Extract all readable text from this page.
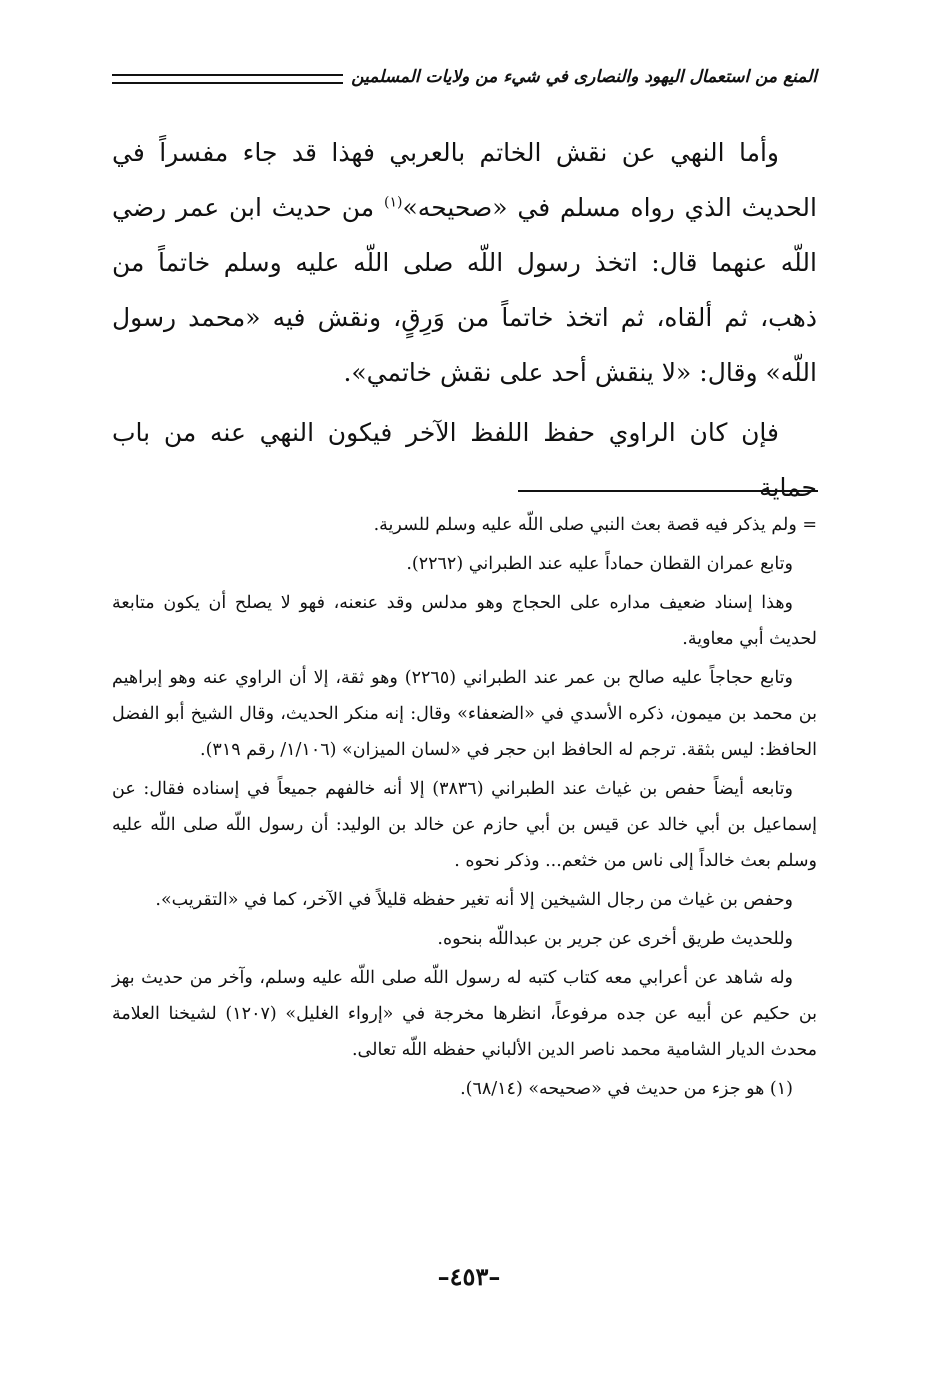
المنع من استعمال اليهود والنصارى في شيء من ولايات المسلمين

وأما النهي عن نقش الخاتم بالعربي فهذا قد جاء مفسراً في الحديث الذي رواه مسلم في «صحيحه»$^{(١)}$ من حديث ابن عمر رضي اللّه عنهما قال: اتخذ رسول اللّه صلى اللّه عليه وسلم خاتماً من ذهب، ثم ألقاه، ثم اتخذ خاتماً من وَرِقٍ، ونقش فيه «محمد رسول اللّه» وقال: «لا ينقش أحد على نقش خاتمي».

فإن كان الراوي حفظ اللفظ الآخر فيكون النهي عنه من باب حماية

= ولم يذكر فيه قصة بعث النبي صلى اللّه عليه وسلم للسرية.

وتابع عمران القطان حماداً عليه عند الطبراني (٢٢٦٢).

وهذا إسناد ضعيف مداره على الحجاج وهو مدلس وقد عنعنه، فهو لا يصلح أن يكون متابعة لحديث أبي معاوية.

وتابع حجاجاً عليه صالح بن عمر عند الطبراني (٢٢٦٥) وهو ثقة، إلا أن الراوي عنه وهو إبراهيم بن محمد بن ميمون، ذكره الأسدي في «الضعفاء» وقال: إنه منكر الحديث، وقال الشيخ أبو الفضل الحافظ: ليس بثقة. ترجم له الحافظ ابن حجر في «لسان الميزان» (١/١٠٦/ رقم ٣١٩).

وتابعه أيضاً حفص بن غياث عند الطبراني (٣٨٣٦) إلا أنه خالفهم جميعاً في إسناده فقال: عن إسماعيل بن أبي خالد عن قيس بن أبي حازم عن خالد بن الوليد: أن رسول اللّه صلى اللّه عليه وسلم بعث خالداً إلى ناس من خثعم... وذكر نحوه .

وحفص بن غياث من رجال الشيخين إلا أنه تغير حفظه قليلاً في الآخر، كما في «التقريب».

وللحديث طريق أخرى عن جرير بن عبداللّه بنحوه.

وله شاهد عن أعرابي معه كتاب كتبه له رسول اللّه صلى اللّه عليه وسلم، وآخر من حديث بهز بن حكيم عن أبيه عن جده مرفوعاً، انظرها مخرجة في «إرواء الغليل» (١٢٠٧) لشيخنا العلامة محدث الديار الشامية محمد ناصر الدين الألباني حفظه اللّه تعالى.

(١) هو جزء من حديث في «صحيحه» (٦٨/١٤).

–٤٥٣–
